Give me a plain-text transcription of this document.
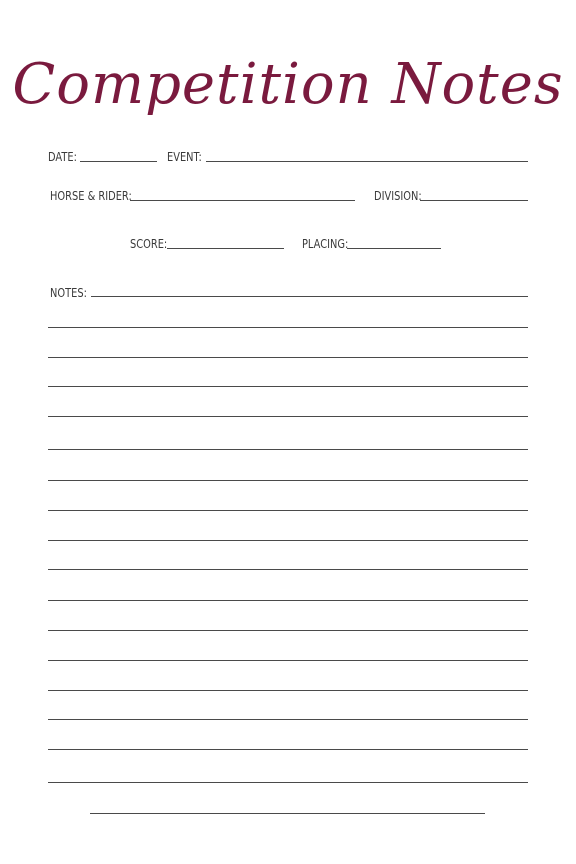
Competition Notes
DATE:	EVENT:
HORSE & RIDER:	DIVISION:
SCORE:	PLACING:
NOTES:
